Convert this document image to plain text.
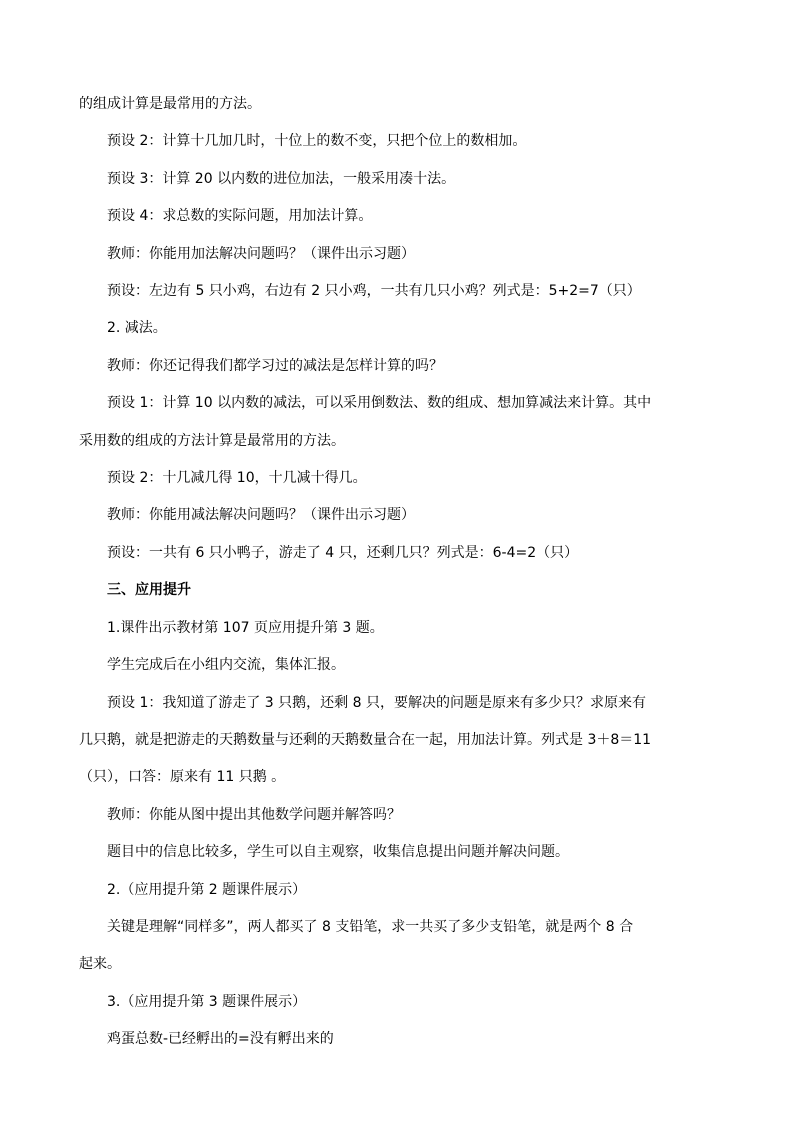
的组成计算是最常用的方法。

预设 2：计算十几加几时，十位上的数不变，只把个位上的数相加。

预设 3：计算 20 以内数的进位加法，一般采用凑十法。

预设 4：求总数的实际问题，用加法计算。

教师：你能用加法解决问题吗？（课件出示习题）

预设：左边有 5 只小鸡，右边有 2 只小鸡，一共有几只小鸡？列式是：5+2=7（只）

2. 减法。

教师：你还记得我们都学习过的减法是怎样计算的吗？

预设 1：计算 10 以内数的减法，可以采用倒数法、数的组成、想加算减法来计算。其中

采用数的组成的方法计算是最常用的方法。

预设 2：十几减几得 10，十几减十得几。

教师：你能用减法解决问题吗？（课件出示习题）

预设：一共有 6 只小鸭子，游走了 4 只，还剩几只？列式是：6-4=2（只）

三、应用提升

1.课件出示教材第 107 页应用提升第 3 题。

学生完成后在小组内交流，集体汇报。

预设 1：我知道了游走了 3 只鹅，还剩 8 只，要解决的问题是原来有多少只？求原来有

几只鹅，就是把游走的天鹅数量与还剩的天鹅数量合在一起，用加法计算。列式是 3＋8＝11

（只），口答：原来有 11 只鹅 。

教师：你能从图中提出其他数学问题并解答吗？

题目中的信息比较多，学生可以自主观察，收集信息提出问题并解决问题。

2.（应用提升第 2 题课件展示）

关键是理解“同样多”，两人都买了 8 支铅笔，求一共买了多少支铅笔，就是两个 8 合

起来。

3.（应用提升第 3 题课件展示）

鸡蛋总数-已经孵出的=没有孵出来的
